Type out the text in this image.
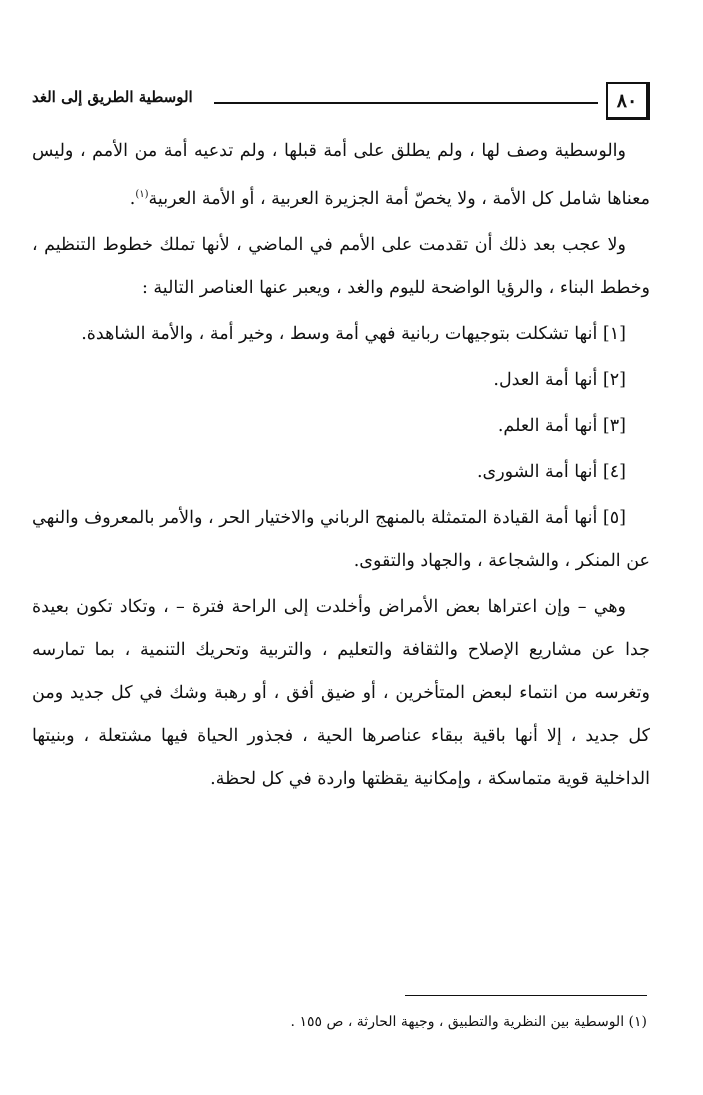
٨٠
الوسطية الطريق إلى الغد

والوسطية وصف لها ، ولم يطلق على أمة قبلها ، ولم تدعيه أمة من الأمم ، وليس معناها شامل كل الأمة ، ولا يخصّ أمة الجزيرة العربية ، أو الأمة العربية$^{(١)}$.

ولا عجب بعد ذلك أن تقدمت على الأمم في الماضي ، لأنها تملك خطوط التنظيم ، وخطط البناء ، والرؤيا الواضحة لليوم والغد ، ويعبر عنها العناصر التالية :

[١] أنها تشكلت بتوجيهات ربانية فهي أمة وسط ، وخير أمة ، والأمة الشاهدة.

[٢] أنها أمة العدل.

[٣] أنها أمة العلم.

[٤] أنها أمة الشورى.

[٥] أنها أمة القيادة المتمثلة بالمنهج الرباني والاختيار الحر ، والأمر بالمعروف والنهي عن المنكر ، والشجاعة ، والجهاد والتقوى.

وهي – وإن اعتراها بعض الأمراض وأخلدت إلى الراحة فترة – ، وتكاد تكون بعيدة جدا عن مشاريع الإصلاح والثقافة والتعليم ، والتربية وتحريك التنمية ، بما تمارسه وتغرسه من انتماء لبعض المتأخرين ، أو ضيق أفق ، أو رهبة وشك في كل جديد ومن كل جديد ، إلا أنها باقية ببقاء عناصرها الحية ، فجذور الحياة فيها مشتعلة ، وبنيتها الداخلية قوية متماسكة ، وإمكانية يقظتها واردة في كل لحظة.

(١) الوسطية بين النظرية والتطبيق ، وجيهة الحارثة ، ص ١٥٥ .
